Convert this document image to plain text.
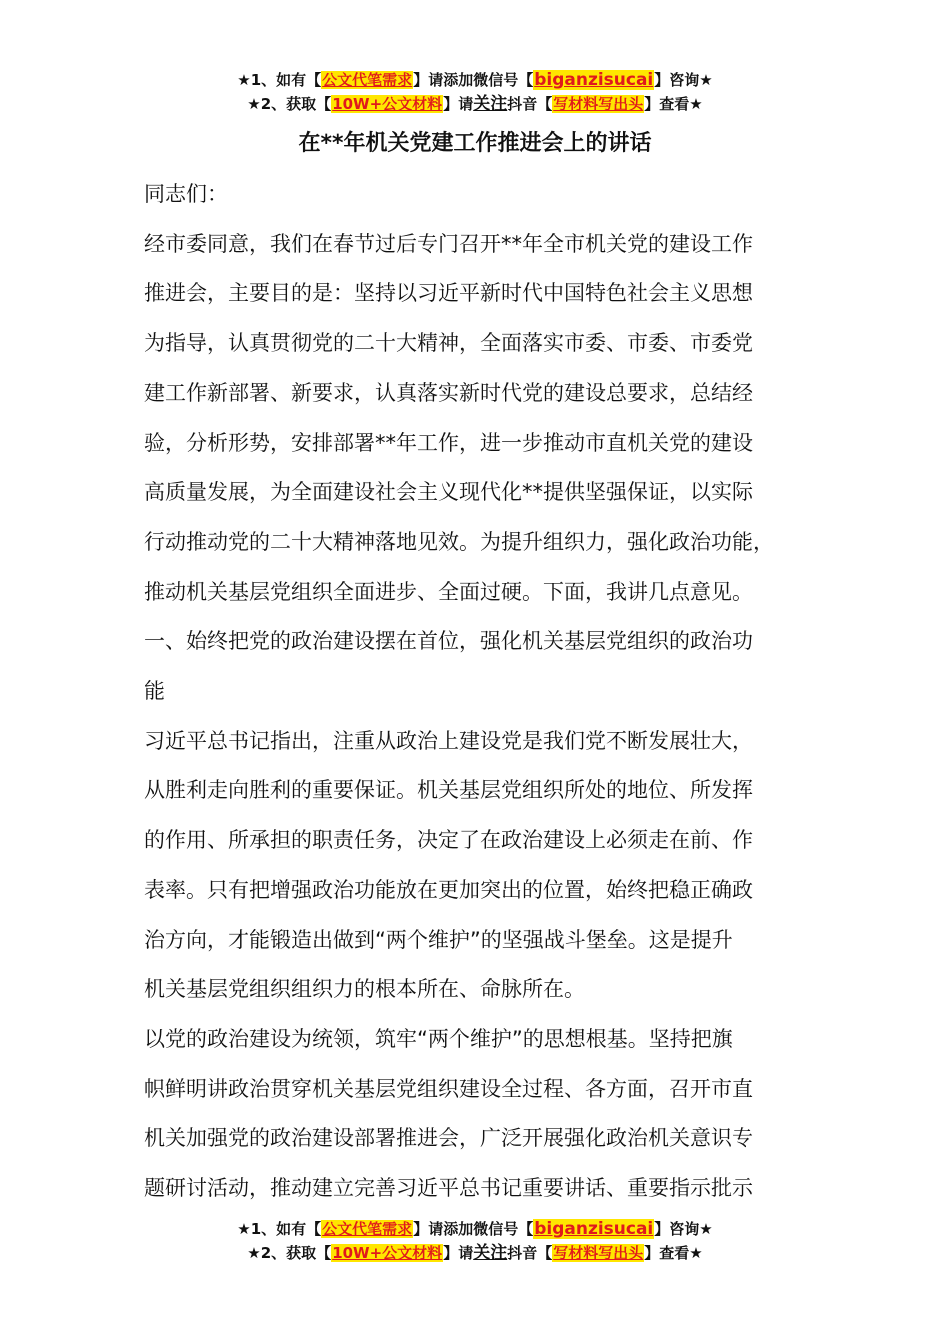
★1、如有【公文代笔需求】请添加微信号【biganzisucai】咨询★
★2、获取【10W+公文材料】请关注抖音【写材料写出头】查看★
在**年机关党建工作推进会上的讲话

同志们：

经市委同意，我们在春节过后专门召开**年全市机关党的建设工作

推进会，主要目的是：坚持以习近平新时代中国特色社会主义思想

为指导，认真贯彻党的二十大精神，全面落实市委、市委、市委党

建工作新部署、新要求，认真落实新时代党的建设总要求，总结经

验，分析形势，安排部署**年工作，进一步推动市直机关党的建设

高质量发展，为全面建设社会主义现代化**提供坚强保证，以实际

行动推动党的二十大精神落地见效。为提升组织力，强化政治功能，

推动机关基层党组织全面进步、全面过硬。下面，我讲几点意见。

一、始终把党的政治建设摆在首位，强化机关基层党组织的政治功

能

习近平总书记指出，注重从政治上建设党是我们党不断发展壮大，

从胜利走向胜利的重要保证。机关基层党组织所处的地位、所发挥

的作用、所承担的职责任务，决定了在政治建设上必须走在前、作

表率。只有把增强政治功能放在更加突出的位置，始终把稳正确政

治方向，才能锻造出做到“两个维护”的坚强战斗堡垒。这是提升

机关基层党组织组织力的根本所在、命脉所在。

以党的政治建设为统领，筑牢“两个维护”的思想根基。坚持把旗

帜鲜明讲政治贯穿机关基层党组织建设全过程、各方面，召开市直

机关加强党的政治建设部署推进会，广泛开展强化政治机关意识专

题研讨活动，推动建立完善习近平总书记重要讲话、重要指示批示

★1、如有【公文代笔需求】请添加微信号【biganzisucai】咨询★
★2、获取【10W+公文材料】请关注抖音【写材料写出头】查看★
